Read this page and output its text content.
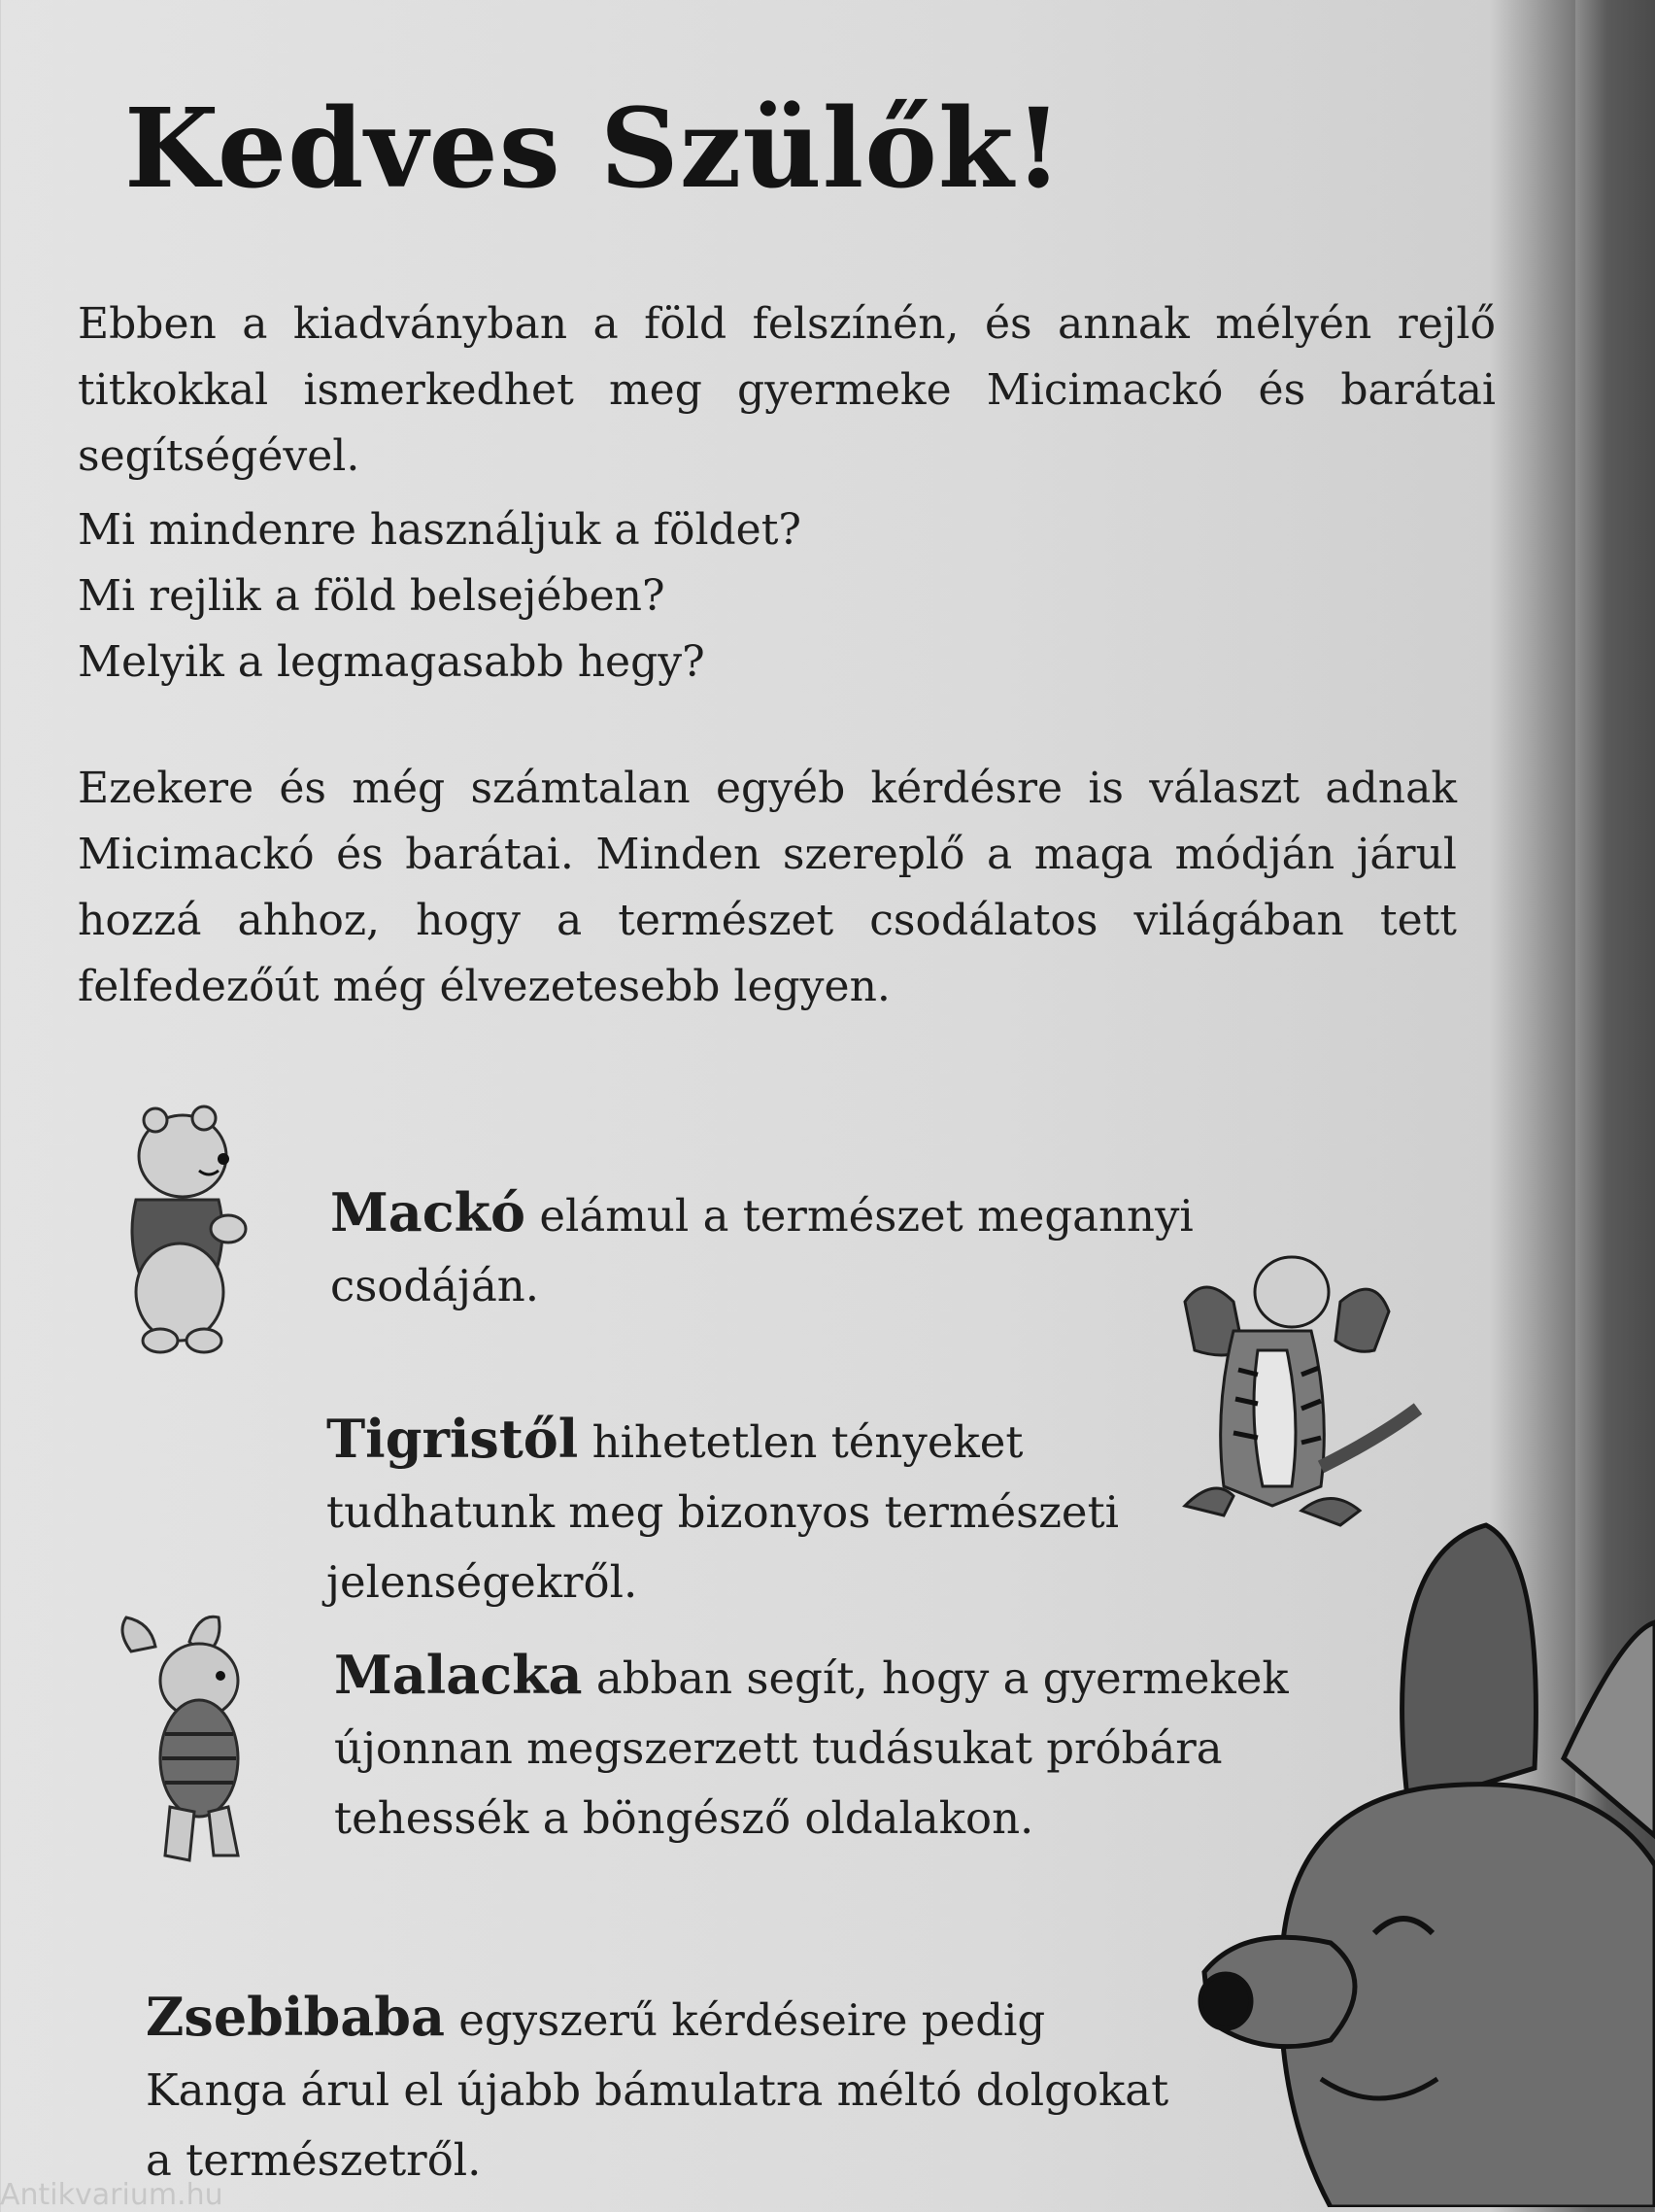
Kedves Szülők!

Ebben a kiadványban a föld felszínén, és annak mélyén rejlő titkokkal ismerkedhet meg gyermeke Micimackó és barátai segítségével.

Mi mindenre használjuk a földet?

Mi rejlik a föld belsejében?

Melyik a legmagasabb hegy?

Ezekere és még számtalan egyéb kérdésre is választ adnak Micimackó és barátai. Minden szereplő a maga módján járul hozzá ahhoz, hogy a természet csodálatos világában tett felfedezőút még élvezetesebb legyen.

Mackó elámul a természet megannyi csodáján.

Tigristől hihetetlen tényeket tudhatunk meg bizonyos természeti jelenségekről.

Malacka abban segít, hogy a gyermekek újonnan megszerzett tudásukat próbára tehessék a böngésző oldalakon.

Zsebibaba egyszerű kérdéseire pedig Kanga árul el újabb bámulatra méltó dolgokat a természetről.

Antikvarium.hu
